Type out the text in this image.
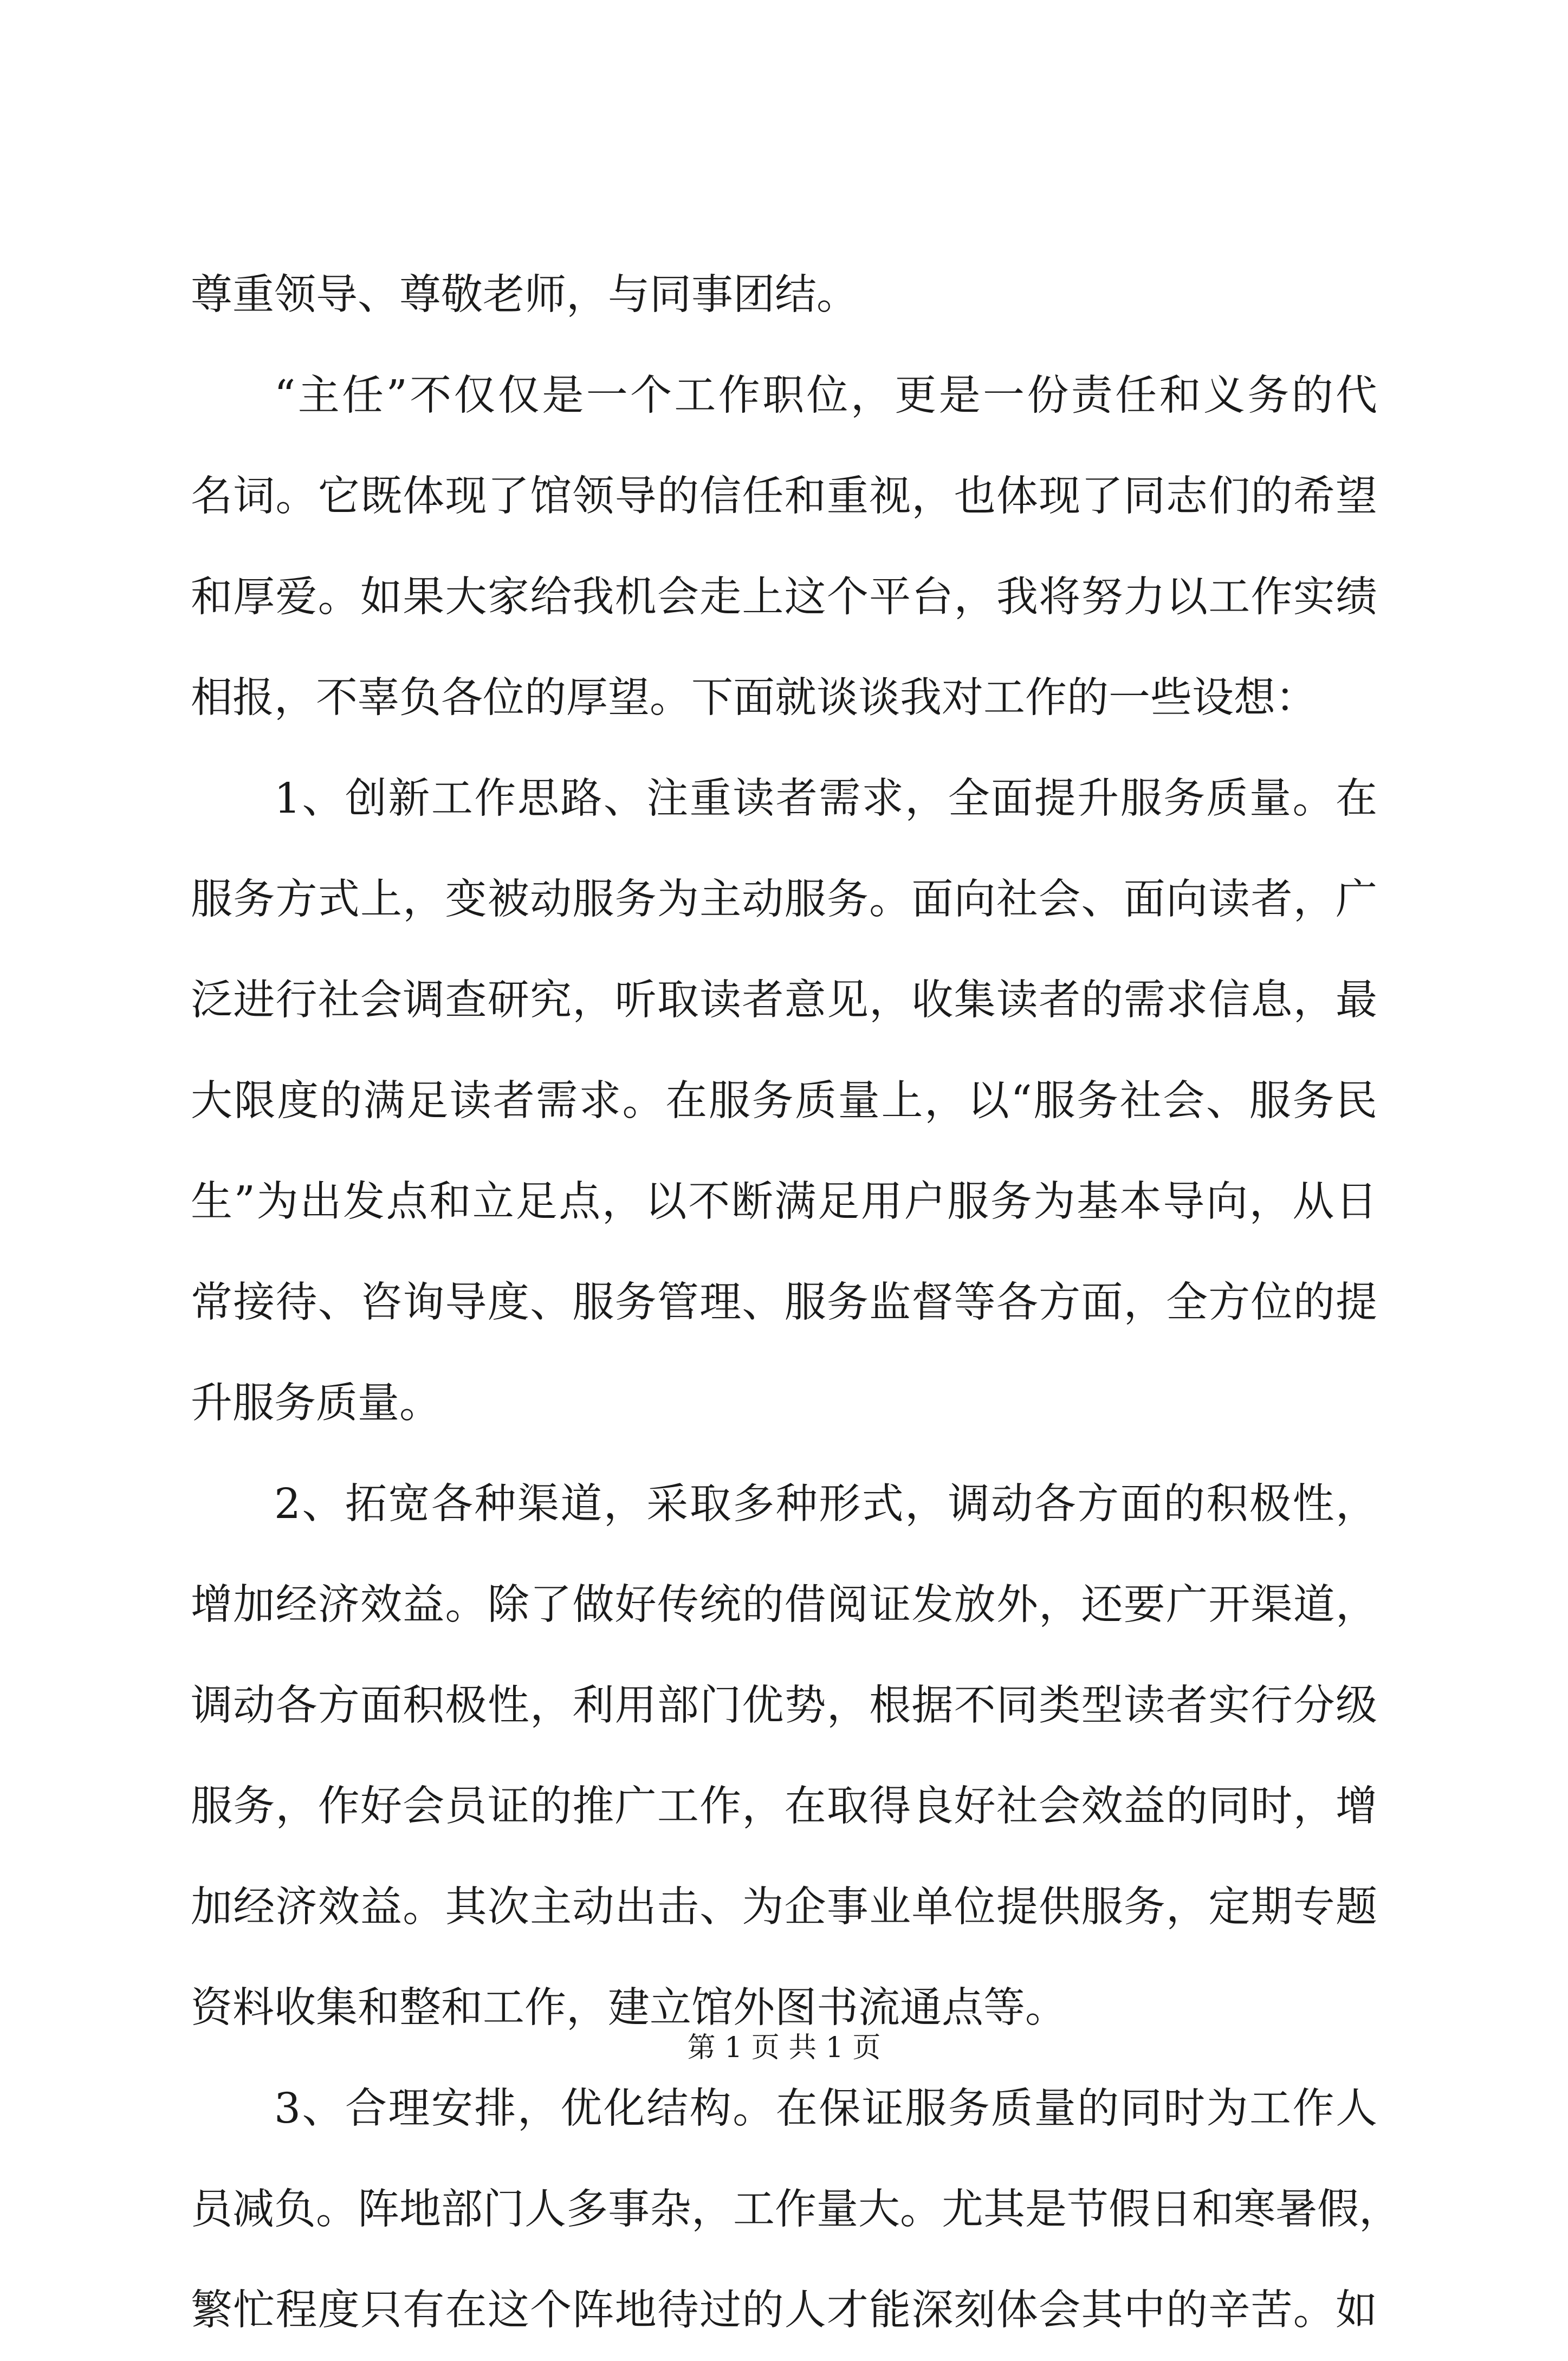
尊重领导、尊敬老师，与同事团结。
“主任”不仅仅是一个工作职位，更是一份责任和义务的代
名词。它既体现了馆领导的信任和重视，也体现了同志们的希望
和厚爱。如果大家给我机会走上这个平台，我将努力以工作实绩
相报，不辜负各位的厚望。下面就谈谈我对工作的一些设想：
1、创新工作思路、注重读者需求，全面提升服务质量。在
服务方式上，变被动服务为主动服务。面向社会、面向读者，广
泛进行社会调查研究，听取读者意见，收集读者的需求信息，最
大限度的满足读者需求。在服务质量上，以“服务社会、服务民
生”为出发点和立足点，以不断满足用户服务为基本导向，从日
常接待、咨询导度、服务管理、服务监督等各方面，全方位的提
升服务质量。
2、拓宽各种渠道，采取多种形式，调动各方面的积极性，
增加经济效益。除了做好传统的借阅证发放外，还要广开渠道，
调动各方面积极性，利用部门优势，根据不同类型读者实行分级
服务，作好会员证的推广工作，在取得良好社会效益的同时，增
加经济效益。其次主动出击、为企事业单位提供服务，定期专题
资料收集和整和工作，建立馆外图书流通点等。
3、合理安排，优化结构。在保证服务质量的同时为工作人
员减负。阵地部门人多事杂，工作量大。尤其是节假日和寒暑假，
繁忙程度只有在这个阵地待过的人才能深刻体会其中的辛苦。如
第 1 页 共 1 页
